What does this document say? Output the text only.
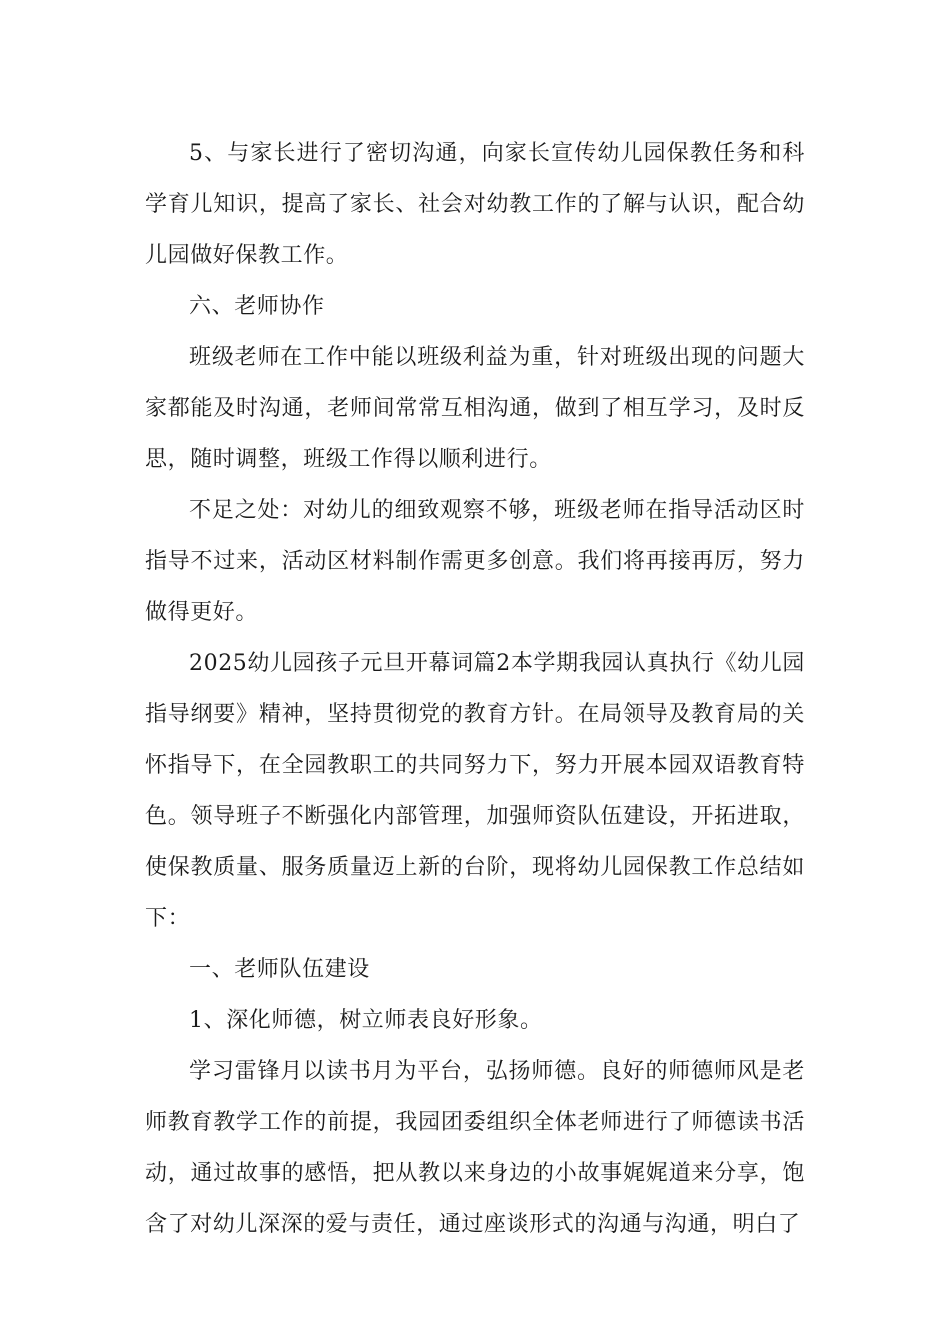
5、与家长进行了密切沟通，向家长宣传幼儿园保教任务和科学育儿知识，提高了家长、社会对幼教工作的了解与认识，配合幼儿园做好保教工作。

六、老师协作

班级老师在工作中能以班级利益为重，针对班级出现的问题大家都能及时沟通，老师间常常互相沟通，做到了相互学习，及时反思，随时调整，班级工作得以顺利进行。

不足之处：对幼儿的细致观察不够，班级老师在指导活动区时指导不过来，活动区材料制作需更多创意。我们将再接再厉，努力做得更好。

2025幼儿园孩子元旦开幕词篇2本学期我园认真执行《幼儿园指导纲要》精神，坚持贯彻党的教育方针。在局领导及教育局的关怀指导下，在全园教职工的共同努力下，努力开展本园双语教育特色。领导班子不断强化内部管理，加强师资队伍建设，开拓进取，使保教质量、服务质量迈上新的台阶，现将幼儿园保教工作总结如下：

一、老师队伍建设

1、深化师德，树立师表良好形象。

学习雷锋月以读书月为平台，弘扬师德。良好的师德师风是老师教育教学工作的前提，我园团委组织全体老师进行了师德读书活动，通过故事的感悟，把从教以来身边的小故事娓娓道来分享，饱含了对幼儿深深的爱与责任，通过座谈形式的沟通与沟通，明白了
